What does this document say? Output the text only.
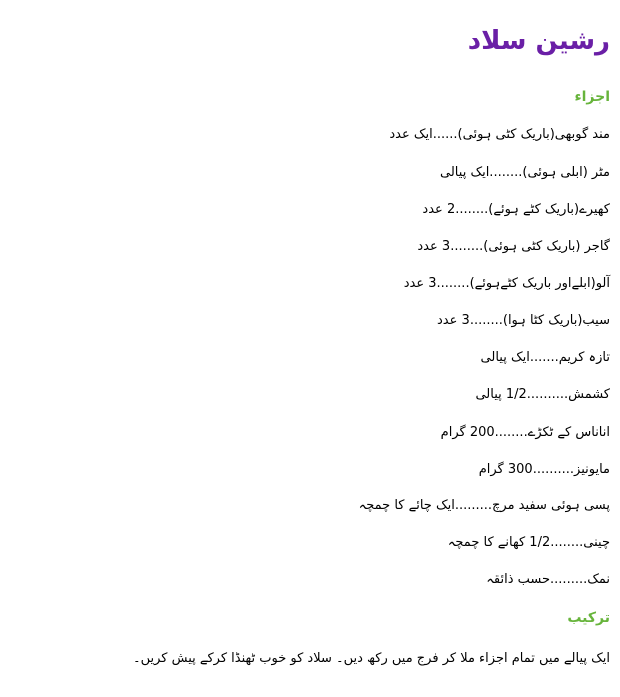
رشین سلاد
اجزاء
مند گوبھی(باریک کٹی ہوئی)......ایک عدد
مٹر (ابلی ہوئی)........ایک پیالی
کھیرے(باریک کٹے ہوئے)........2 عدد
گاجر (باریک کٹی ہوئی)........3 عدد
آلو(ابلےاور باریک کٹےہوئے)........3 عدد
سیب(باریک کٹا ہوا)........3 عدد
تازہ کریم.......ایک پیالی
کشمش..........1/2 پیالی
اناناس کے ٹکڑے........200 گرام
مایونیز..........300 گرام
پسی ہوئی سفید مرچ.........ایک چائے کا چمچہ
چینی........1/2 کھانے کا چمچہ
نمک.........حسب ذائقہ
ترکیب

ایک پیالے میں تمام اجزاء ملا کر فرج میں رکھ دیں۔ سلاد کو خوب ٹھنڈا کرکے پیش کریں۔
